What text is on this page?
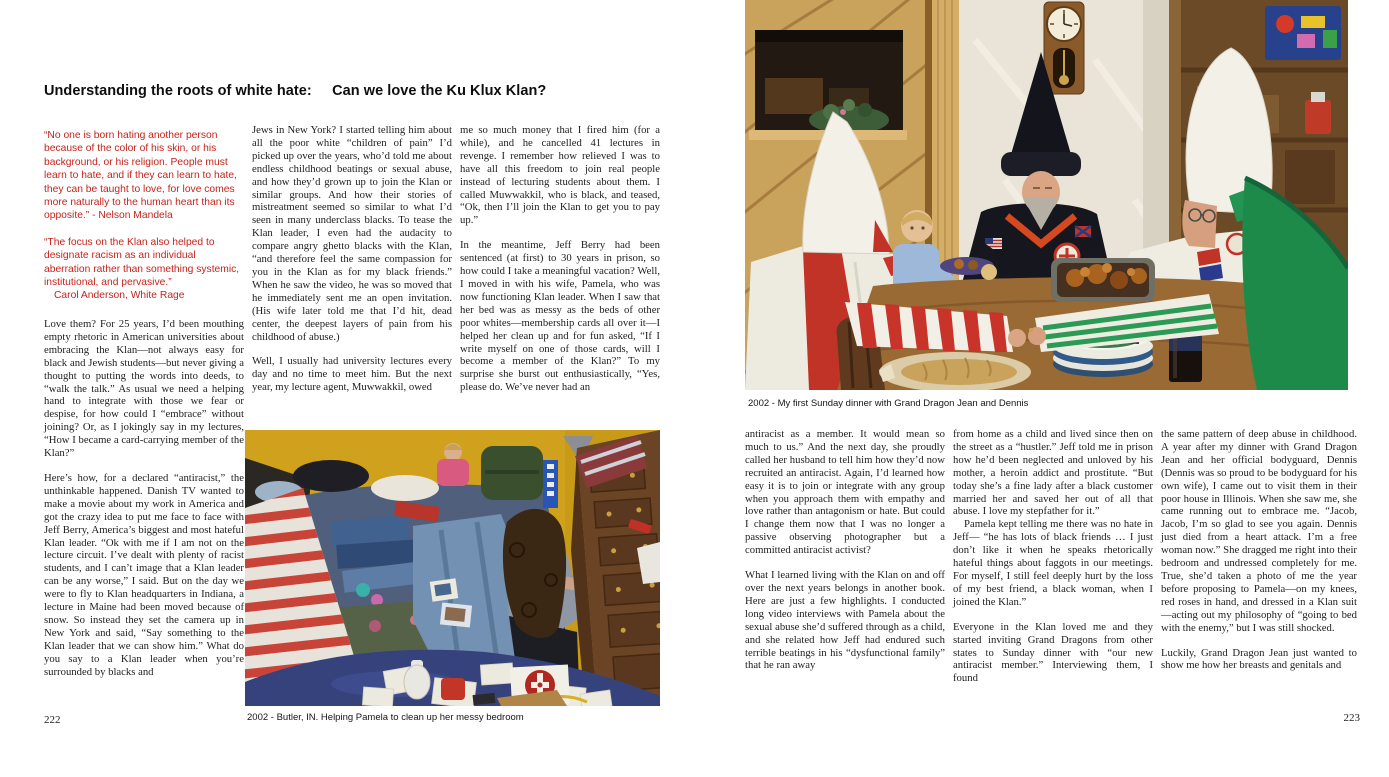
Understanding the roots of white hate:     Can we love the Ku Klux Klan?

“No one is born hating another person because of the color of his skin, or his background, or his religion. People must learn to hate, and if they can learn to hate, they can be taught to love, for love comes more naturally to the human heart than its opposite.” - Nelson Mandela

“The focus on the Klan also helped to designate racism as an individual aberration rather than something systemic, institutional, and pervasive.”

Carol Anderson, White Rage

Love them? For 25 years, I’d been mouthing empty rhetoric in American universities about embracing the Klan—not always easy for black and Jewish students—but never giving a thought to putting the words into deeds, to “walk the talk.” As usual we need a helping hand to integrate with those we fear or despise, for how could I “embrace” without joining? Or, as I jokingly say in my lectures, “How I became a card-carrying member of the Klan?”

Here’s how, for a declared “antiracist,” the unthinkable happened. Danish TV wanted to make a movie about my work in America and got the crazy idea to put me face to face with Jeff Berry, America’s biggest and most hateful Klan leader. “Ok with me if I am not on the lecture circuit. I’ve dealt with plenty of racist students, and I can’t image that a Klan leader can be any worse,” I said. But on the day we were to fly to Klan headquarters in Indiana, a lecture in Maine had been moved because of snow. So instead they set the camera up in New York and said, “Say something to the Klan leader that we can show him.” What do you say to a Klan leader when you’re surrounded by blacks and

Jews in New York? I started telling him about all the poor white “children of pain” I’d picked up over the years, who’d told me about endless childhood beatings or sexual abuse, and how they’d grown up to join the Klan or similar groups. And how their stories of mistreatment seemed so similar to what I’d seen in many underclass blacks. To tease the Klan leader, I even had the audacity to compare angry ghetto blacks with the Klan, “and therefore feel the same compassion for you in the Klan as for my black friends.” When he saw the video, he was so moved that he immediately sent me an open invitation. (His wife later told me that I’d hit, dead center, the deepest layers of pain from his childhood of abuse.)

Well, I usually had university lectures every day and no time to meet him. But the next year, my lecture agent, Muwwakkil, owed

me so much money that I fired him (for a while), and he cancelled 41 lectures in revenge. I remember how relieved I was to have all this freedom to join real people instead of lecturing students about them. I called Muwwakkil, who is black, and teased, “Ok, then I’ll join the Klan to get you to pay up.”

In the meantime, Jeff Berry had been sentenced (at first) to 30 years in prison, so how could I take a meaningful vacation? Well, I moved in with his wife, Pamela, who was now functioning Klan leader. When I saw that her bed was as messy as the beds of other poor whites—membership cards all over it—I helped her clean up and for fun asked, “If I write myself on one of those cards, will I become a member of the Klan?” To my surprise she burst out enthusiastically, “Yes, please do. We’ve never had an

2002 - Butler, IN. Helping Pamela to clean up her messy bedroom
222
2002 - My first Sunday dinner with Grand Dragon Jean and Dennis

antiracist as a member. It would mean so much to us.” And the next day, she proudly called her husband to tell him how they’d now recruited an antiracist. Again, I’d learned how easy it is to join or integrate with any group when you approach them with empathy and love rather than antagonism or hate. But could I change them now that I was no longer a passive observing photographer but a committed antiracist activist?

What I learned living with the Klan on and off over the next years belongs in another book. Here are just a few highlights. I conducted long video interviews with Pamela about the sexual abuse she’d suffered through as a child, and she related how Jeff had endured such terrible beatings in his “dysfunctional family” that he ran away

from home as a child and lived since then on the street as a “hustler.” Jeff told me in prison how he’d been neglected and unloved by his mother, a heroin addict and prostitute. “But today she’s a fine lady after a black customer married her and saved her out of all that abuse. I love my stepfather for it.”

Pamela kept telling me there was no hate in Jeff— “he has lots of black friends … I just don’t like it when he speaks rhetorically hateful things about faggots in our meetings. For myself, I still feel deeply hurt by the loss of my best friend, a black woman, when I joined the Klan.”

Everyone in the Klan loved me and they started inviting Grand Dragons from other states to Sunday dinner with “our new antiracist member.” Interviewing them, I found

the same pattern of deep abuse in childhood. A year after my dinner with Grand Dragon Jean and her official bodyguard, Dennis (Dennis was so proud to be bodyguard for his own wife), I came out to visit them in their poor house in Illinois. When she saw me, she came running out to embrace me. “Jacob, Jacob, I’m so glad to see you again. Dennis just died from a heart attack. I’m a free woman now.” She dragged me right into their bedroom and undressed completely for me. True, she’d taken a photo of me the year before proposing to Pamela—on my knees, red roses in hand, and dressed in a Klan suit—acting out my philosophy of “going to bed with the enemy,” but I was still shocked.

Luckily, Grand Dragon Jean just wanted to show me how her breasts and genitals and

223
